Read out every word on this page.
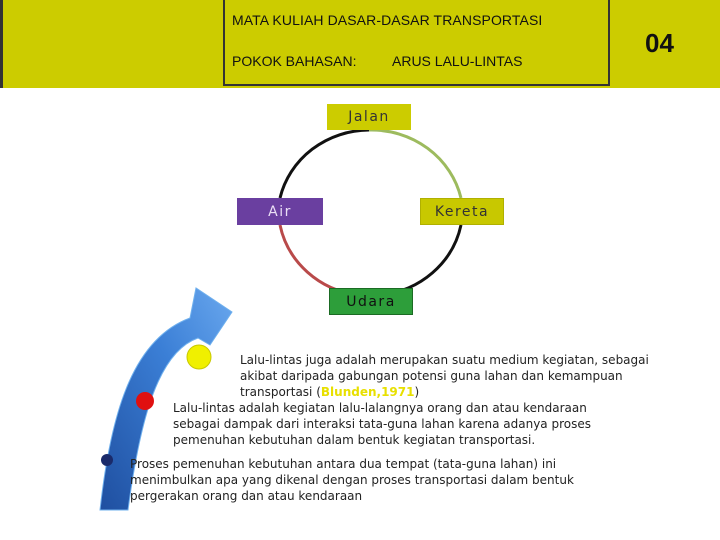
MATA KULIAH DASAR-DASAR TRANSPORTASI
POKOK BAHASAN:	ARUS LALU-LINTAS
04
Jalan
Air	Kereta
Udara
Lalu-lintas juga adalah merupakan suatu medium kegiatan, sebagai akibat daripada gabungan potensi guna lahan dan kemampuan transportasi (Blunden,1971)
Lalu-lintas adalah kegiatan lalu-lalangnya orang dan atau kendaraan sebagai dampak dari interaksi tata-guna lahan karena adanya proses pemenuhan kebutuhan dalam bentuk kegiatan transportasi.
Proses pemenuhan kebutuhan antara dua tempat (tata-guna lahan) ini menimbulkan apa yang dikenal dengan proses transportasi dalam bentuk pergerakan orang dan atau kendaraan
